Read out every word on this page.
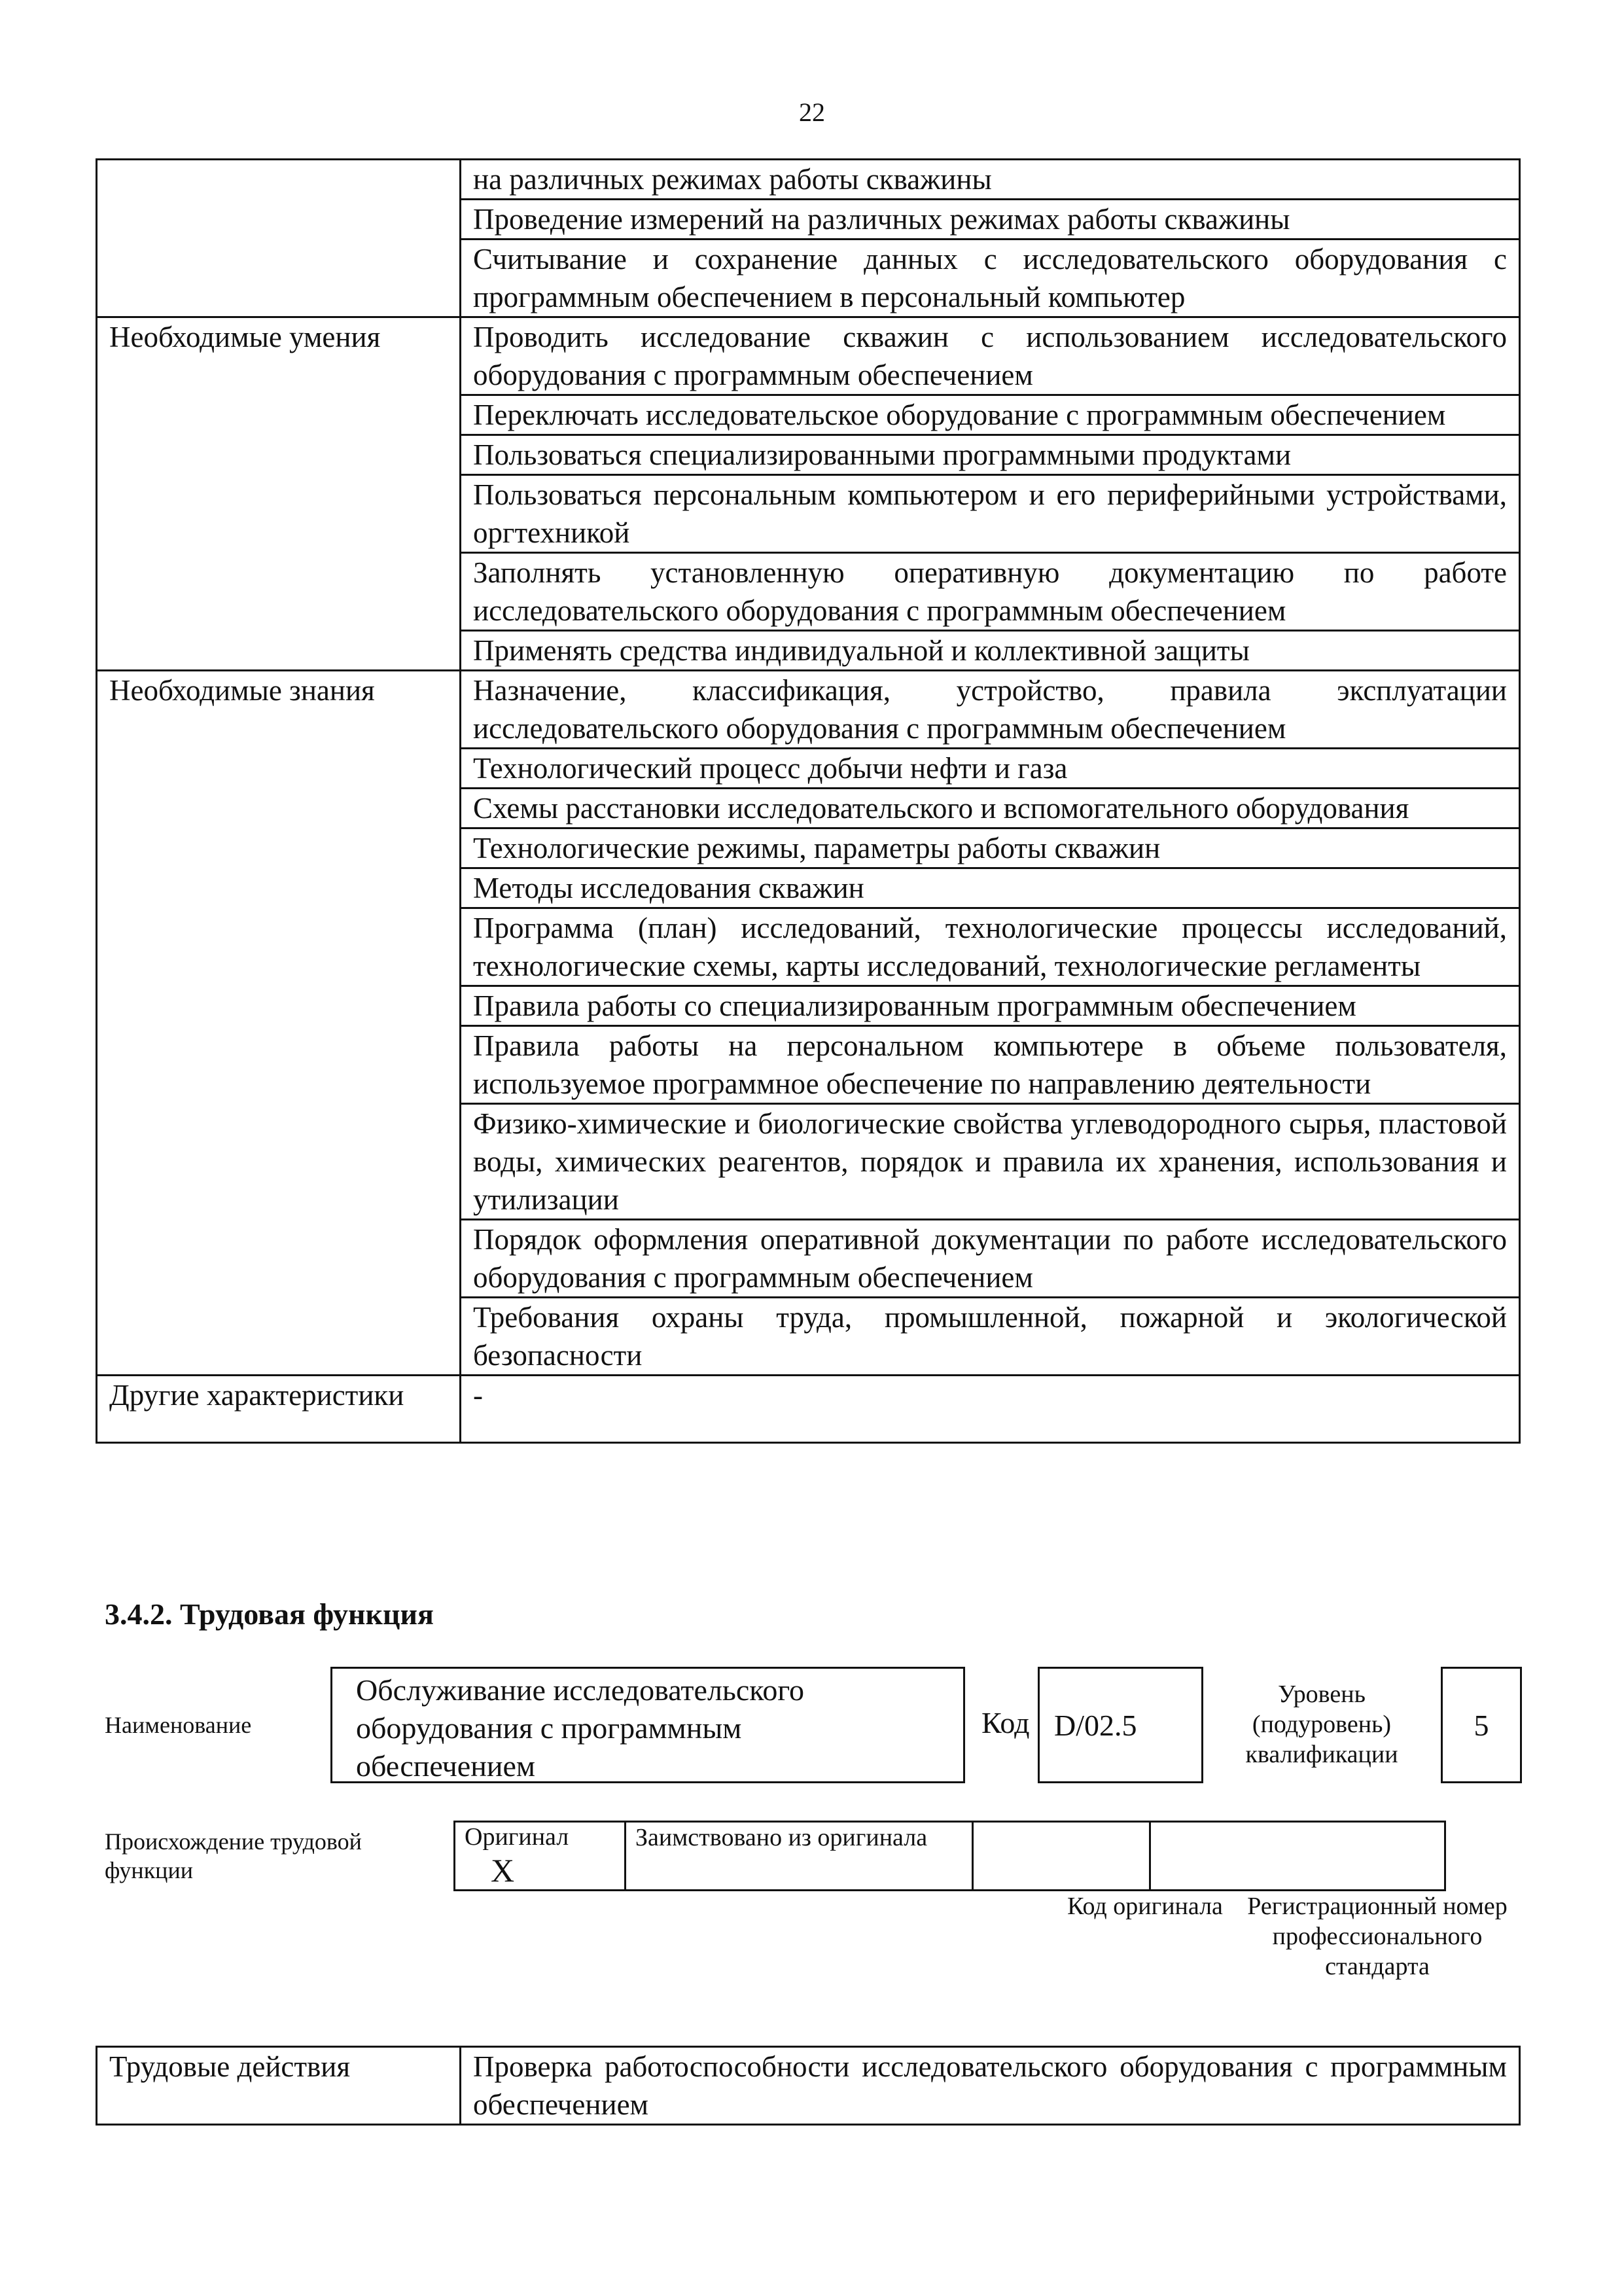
22
	на различных режимах работы скважины
	Проведение измерений на различных режимах работы скважины
	Считывание и сохранение данных с исследовательского оборудования с программным обеспечением в персональный компьютер
Необходимые умения	Проводить исследование скважин с использованием исследовательского оборудования с программным обеспечением
	Переключать исследовательское оборудование с программным обеспечением
	Пользоваться специализированными программными продуктами
	Пользоваться персональным компьютером и его периферийными устройствами, оргтехникой
	Заполнять установленную оперативную документацию по работе исследовательского оборудования с программным обеспечением
	Применять средства индивидуальной и коллективной защиты
Необходимые знания	Назначение, классификация, устройство, правила эксплуатации исследовательского оборудования с программным обеспечением
	Технологический процесс добычи нефти и газа
	Схемы расстановки исследовательского и вспомогательного оборудования
	Технологические режимы, параметры работы скважин
	Методы исследования скважин
	Программа (план) исследований, технологические процессы исследований, технологические схемы, карты исследований, технологические регламенты
	Правила работы со специализированным программным обеспечением
	Правила работы на персональном компьютере в объеме пользователя, используемое программное обеспечение по направлению деятельности
	Физико-химические и биологические свойства углеводородного сырья, пластовой воды, химических реагентов, порядок и правила их хранения, использования и утилизации
	Порядок оформления оперативной документации по работе исследовательского оборудования с программным обеспечением
	Требования охраны труда, промышленной, пожарной и экологической безопасности
Другие характеристики	-
3.4.2. Трудовая функция
Наименование
Обслуживание исследовательского оборудования с программным обеспечением
Код D/02.5
Уровень (подуровень) квалификации
5
Происхождение трудовой функции
Оригинал X	Заимствовано из оригинала		
Код оригинала Регистрационный номер профессионального стандарта
Трудовые действия	Проверка работоспособности исследовательского оборудования с программным обеспечением
